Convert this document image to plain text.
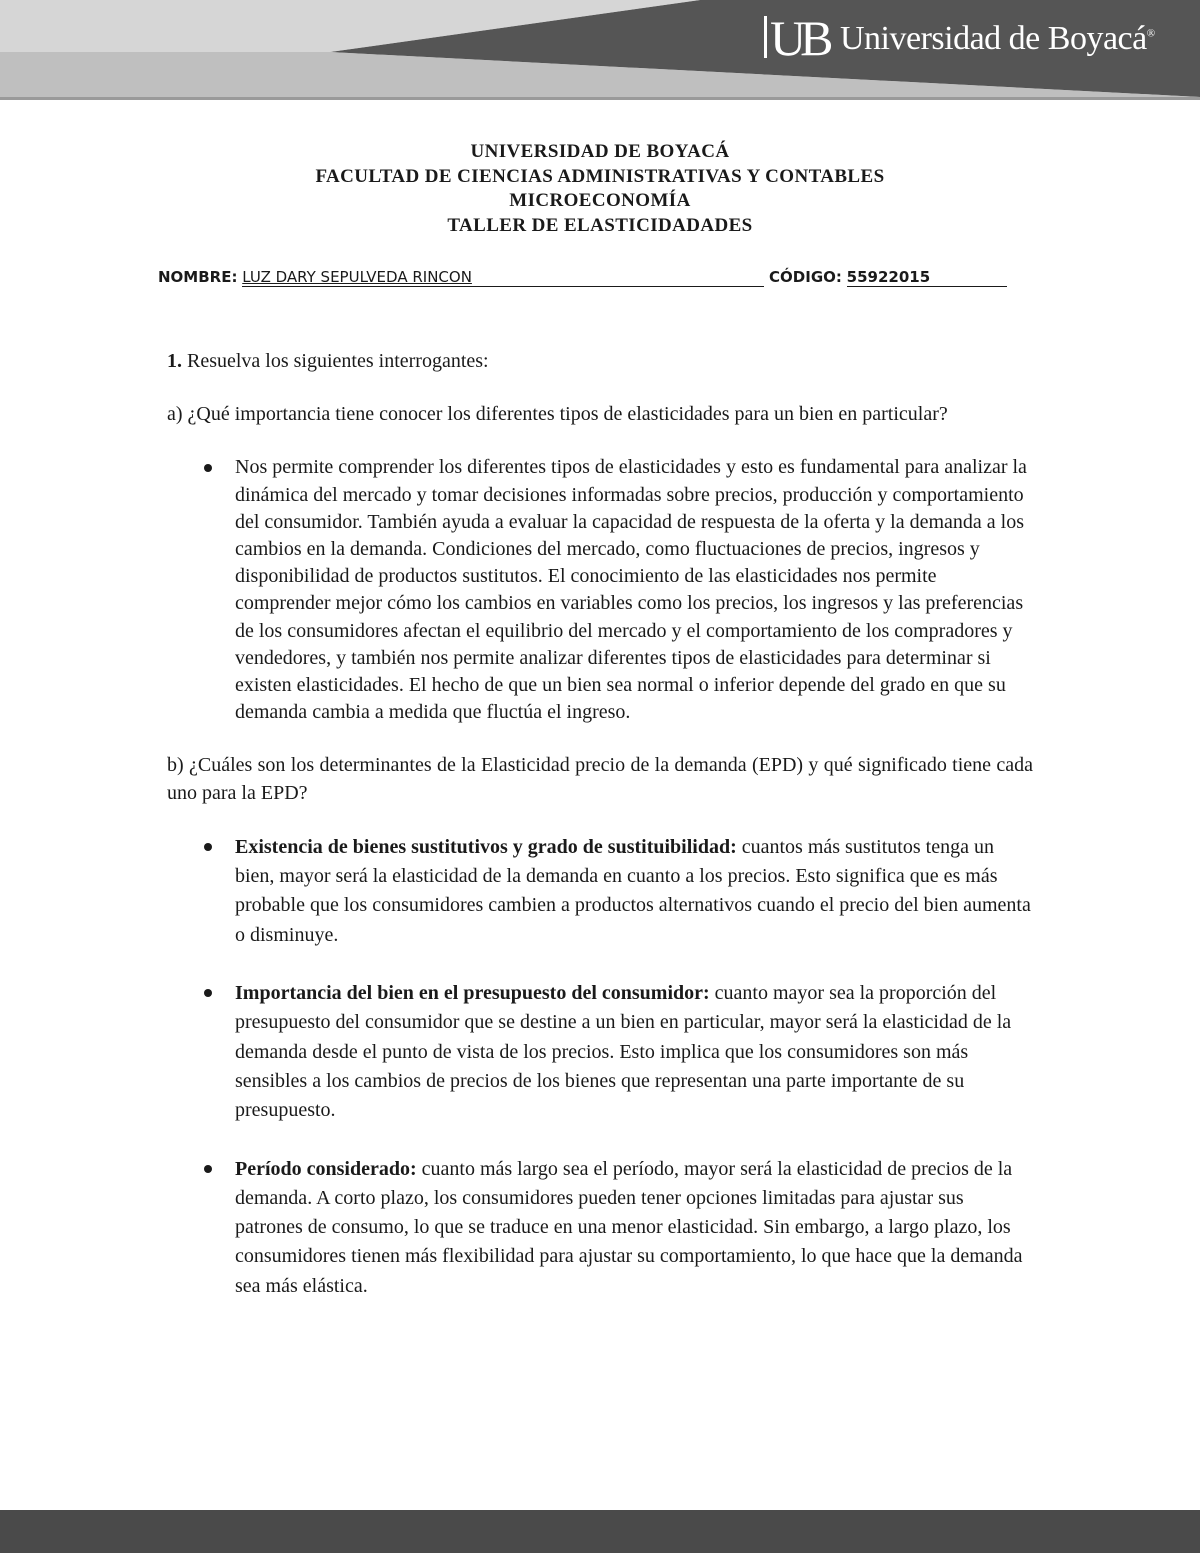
UB Universidad de Boyacá®
UNIVERSIDAD DE BOYACÁ
FACULTAD DE CIENCIAS ADMINISTRATIVAS Y CONTABLES
MICROECONOMÍA
TALLER DE ELASTICIDADADES
NOMBRE: LUZ DARY SEPULVEDA RINCON	CÓDIGO: 55922015

1. Resuelva los siguientes interrogantes:

a) ¿Qué importancia tiene conocer los diferentes tipos de elasticidades para un bien en particular?

Nos permite comprender los diferentes tipos de elasticidades y esto es fundamental para analizar la dinámica del mercado y tomar decisiones informadas sobre precios, producción y comportamiento del consumidor. También ayuda a evaluar la capacidad de respuesta de la oferta y la demanda a los cambios en la demanda. Condiciones del mercado, como fluctuaciones de precios, ingresos y disponibilidad de productos sustitutos. El conocimiento de las elasticidades nos permite comprender mejor cómo los cambios en variables como los precios, los ingresos y las preferencias de los consumidores afectan el equilibrio del mercado y el comportamiento de los compradores y vendedores, y también nos permite analizar diferentes tipos de elasticidades para determinar si existen elasticidades. El hecho de que un bien sea normal o inferior depende del grado en que su demanda cambia a medida que fluctúa el ingreso.

b) ¿Cuáles son los determinantes de la Elasticidad precio de la demanda (EPD) y qué significado tiene cada uno para la EPD?

Existencia de bienes sustitutivos y grado de sustituibilidad: cuantos más sustitutos tenga un bien, mayor será la elasticidad de la demanda en cuanto a los precios. Esto significa que es más probable que los consumidores cambien a productos alternativos cuando el precio del bien aumenta o disminuye.
Importancia del bien en el presupuesto del consumidor: cuanto mayor sea la proporción del presupuesto del consumidor que se destine a un bien en particular, mayor será la elasticidad de la demanda desde el punto de vista de los precios. Esto implica que los consumidores son más sensibles a los cambios de precios de los bienes que representan una parte importante de su presupuesto.
Período considerado: cuanto más largo sea el período, mayor será la elasticidad de precios de la demanda. A corto plazo, los consumidores pueden tener opciones limitadas para ajustar sus patrones de consumo, lo que se traduce en una menor elasticidad. Sin embargo, a largo plazo, los consumidores tienen más flexibilidad para ajustar su comportamiento, lo que hace que la demanda sea más elástica.
